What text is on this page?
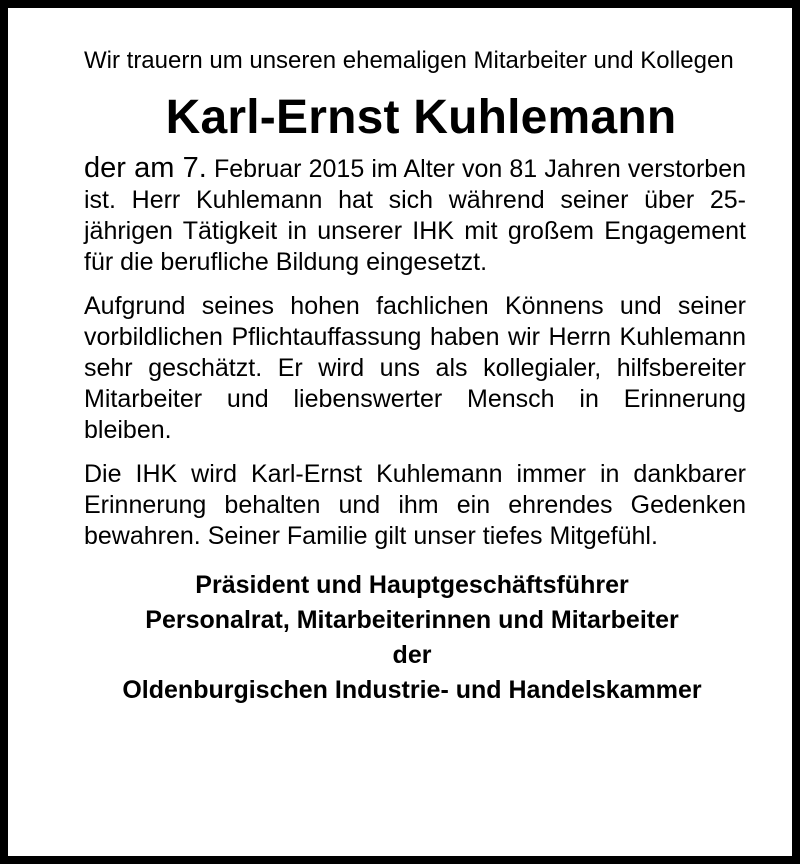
Wir trauern um unseren ehemaligen Mitarbeiter und Kollegen

Karl-Ernst Kuhlemann

der am 7. Februar 2015 im Alter von 81 Jahren verstorben ist. Herr Kuhlemann hat sich während seiner über 25-jährigen Tätigkeit in unserer IHK mit großem Engagement für die berufliche Bildung eingesetzt.

Aufgrund seines hohen fachlichen Könnens und seiner vorbildlichen Pflichtauffassung haben wir Herrn Kuhlemann sehr geschätzt. Er wird uns als kollegialer, hilfsbereiter Mitarbeiter und liebenswerter Mensch in Erinnerung bleiben.

Die IHK wird Karl-Ernst Kuhlemann immer in dankbarer Erinnerung behalten und ihm ein ehrendes Gedenken bewahren. Seiner Familie gilt unser tiefes Mitgefühl.

Präsident und Hauptgeschäftsführer
Personalrat, Mitarbeiterinnen und Mitarbeiter
der
Oldenburgischen Industrie- und Handelskammer
